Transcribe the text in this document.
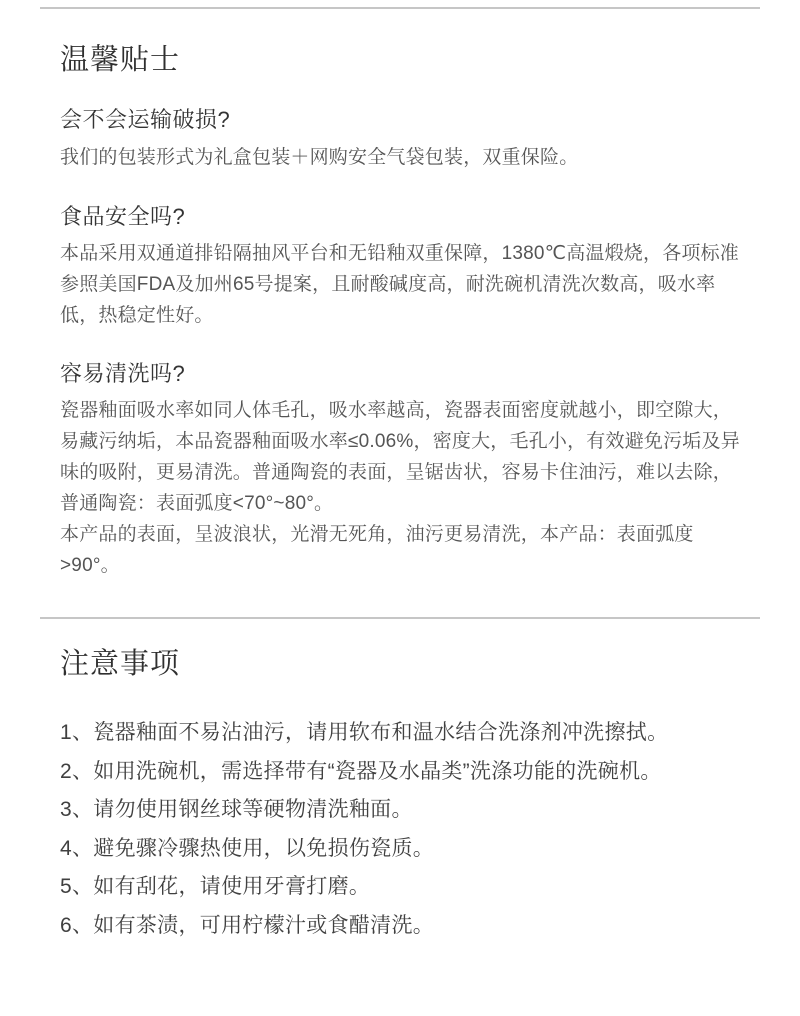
温馨贴士
会不会运输破损?

我们的包装形式为礼盒包装＋网购安全气袋包装，双重保险。

食品安全吗?

本品采用双通道排铅隔抽风平台和无铅釉双重保障，1380℃高温煅烧，各项标准参照美国FDA及加州65号提案，且耐酸碱度高，耐洗碗机清洗次数高，吸水率低，热稳定性好。

容易清洗吗?

瓷器釉面吸水率如同人体毛孔，吸水率越高，瓷器表面密度就越小，即空隙大，易藏污纳垢，本品瓷器釉面吸水率≤0.06%，密度大，毛孔小，有效避免污垢及异味的吸附，更易清洗。普通陶瓷的表面，呈锯齿状，容易卡住油污，难以去除，普通陶瓷：表面弧度<70°~80°。

本产品的表面，呈波浪状，光滑无死角，油污更易清洗，本产品：表面弧度>90°。

注意事项
1、瓷器釉面不易沾油污，请用软布和温水结合洗涤剂冲洗擦拭。
2、如用洗碗机，需选择带有“瓷器及水晶类”洗涤功能的洗碗机。
3、请勿使用钢丝球等硬物清洗釉面。
4、避免骤冷骤热使用，以免损伤瓷质。
5、如有刮花，请使用牙膏打磨。
6、如有茶渍，可用柠檬汁或食醋清洗。
